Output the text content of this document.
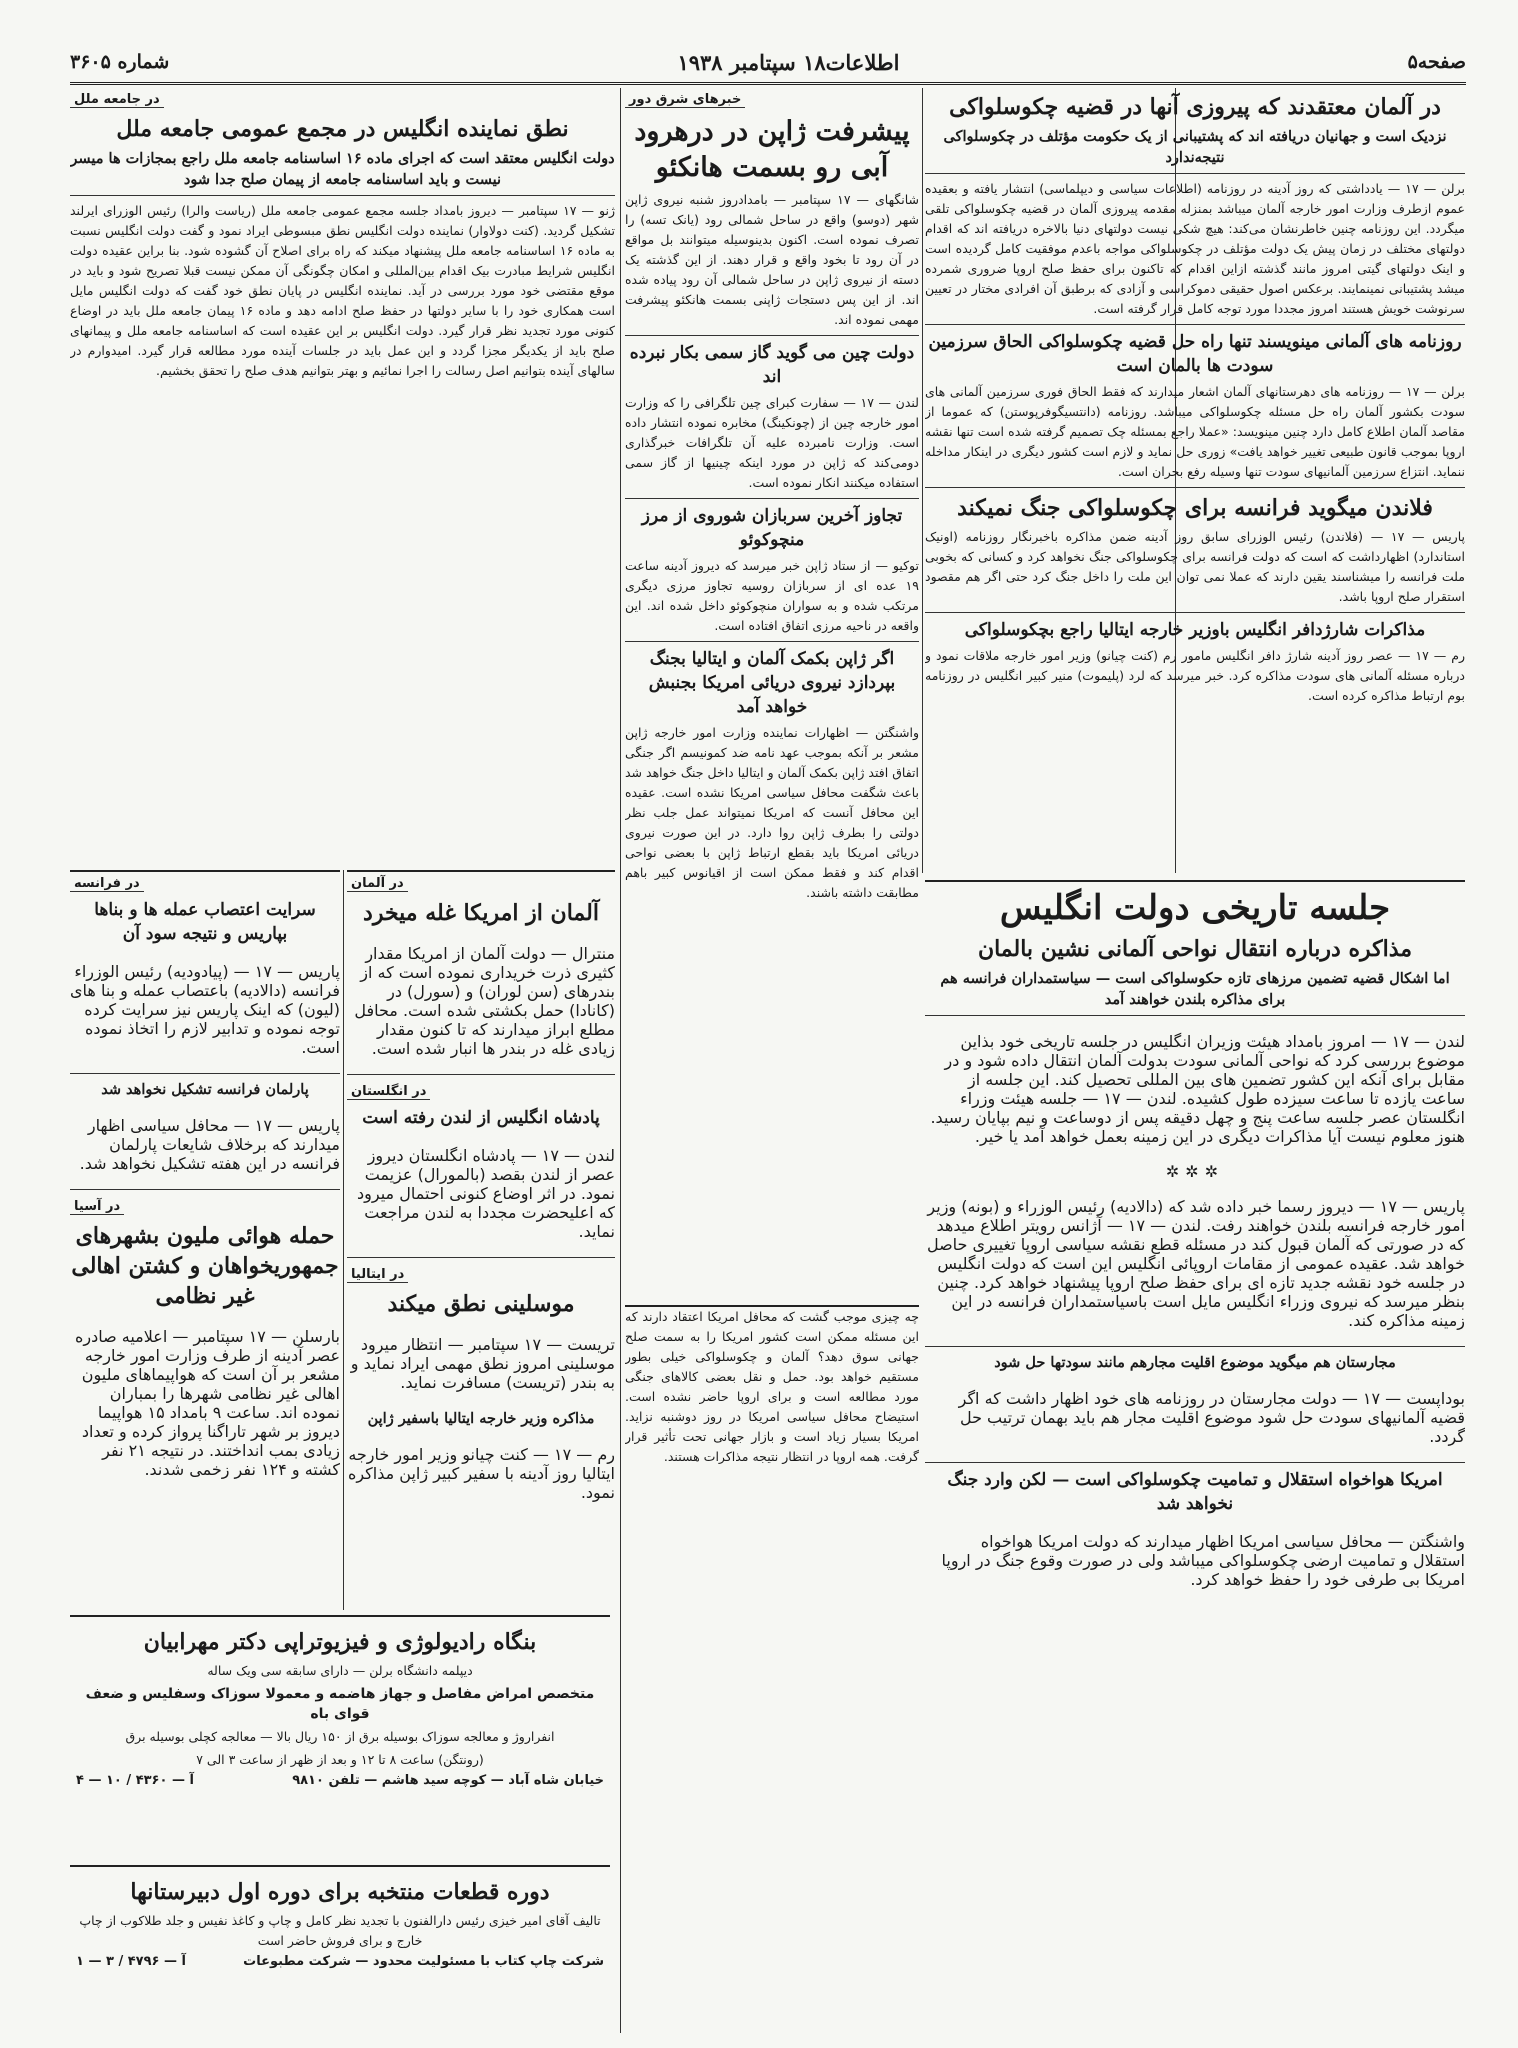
صفحه۵
اطلاعات۱۸ سپتامبر ۱۹۳۸
شماره ۳۶۰۵
در آلمان معتقدند که پیروزی آنها در قضیه چکوسلواکی
نزدیک است و جهانیان دریافته اند که پشتیبانی از یک حکومت مؤتلف در چکوسلواکی نتیجه‌ندارد

برلن — ۱۷ — یادداشتی که روز آدینه در روزنامه (اطلاعات سیاسی و دیپلماسی) انتشار یافته و بعقیده عموم ازطرف وزارت امور خارجه آلمان میباشد بمنزله مقدمه پیروزی آلمان در قضیه چکوسلواکی تلقی میگردد. این روزنامه چنین خاطرنشان می‌کند: هیچ شکی نیست دولتهای دنیا بالاخره دریافته اند که اقدام دولتهای مختلف در زمان پیش یک دولت مؤتلف در چکوسلواکی مواجه باعدم موفقیت کامل گردیده است و اینک دولتهای گیتی امروز مانند گذشته ازاین اقدام که تاکنون برای حفظ صلح اروپا ضروری شمرده میشد پشتیبانی نمینمایند. برعکس اصول حقیقی دموکراسی و آزادی که برطبق آن افرادی مختار در تعیین سرنوشت خویش هستند امروز مجددا مورد توجه کامل قرار گرفته است.

روزنامه های آلمانی مینویسند تنها راه حل قضیه چکوسلواکی الحاق سرزمین سودت ها بالمان است

برلن — ۱۷ — روزنامه های دهرستانهای آلمان اشعار میدارند که فقط الحاق فوری سرزمین آلمانی های سودت بکشور آلمان راه حل مسئله چکوسلواکی میباشد. روزنامه (دانتسیگوفرپوستن) که عموما از مقاصد آلمان اطلاع کامل دارد چنین مینویسد: «عملا راجع بمسئله چک تصمیم گرفته شده است تنها نقشه اروپا بموجب قانون طبیعی تغییر خواهد یافت» زوری حل نماید و لازم است کشور دیگری در اینکار مداخله ننماید. انتزاع سرزمین آلمانیهای سودت تنها وسیله رفع بحران است.

فلاندن میگوید فرانسه برای چکوسلواکی جنگ نمیکند

پاریس — ۱۷ — (فلاندن) رئیس الوزرای سابق روز آدینه ضمن مذاکره باخبرنگار روزنامه (اونیک استاندارد) اظهارداشت که است که دولت فرانسه برای چکوسلواکی جنگ نخواهد کرد و کسانی که بخوبی ملت فرانسه را میشناسند یقین دارند که عملا نمی توان این ملت را داخل جنگ کرد حتی اگر هم مقصود استقرار صلح اروپا باشد.

مذاکرات شارژدافر انگلیس باوزیر خارجه ایتالیا راجع بچکوسلواکی

رم — ۱۷ — عصر روز آدینه شارژ دافر انگلیس مامور رم (کنت چیانو) وزیر امور خارجه ملاقات نمود و درباره مسئله آلمانی های سودت مذاکره کرد. خبر میرسد که لرد (پلیموت) منیر کبیر انگلیس در روزنامه بوم ارتباط مذاکره کرده است.

خبرهای شرق دور
پیشرفت ژاپن در درهرود آبی رو بسمت هانکئو

شانگهای — ۱۷ سپتامبر — بامدادروز شنبه نیروی ژاپن شهر (دوسو) واقع در ساحل شمالی رود (یانک تسه) را تصرف نموده است. اکنون بدینوسیله میتوانند بل مواقع در آن رود تا بخود واقع و قرار دهند. از این گذشته یک دسته از نیروی ژاپن در ساحل شمالی آن رود پیاده شده اند. از این پس دستجات ژاپنی بسمت هانکئو پیشرفت مهمی نموده اند.

دولت چین می گوید گاز سمی بکار نبرده اند

لندن — ۱۷ — سفارت کبرای چین تلگرافی را که وزارت امور خارجه چین از (چونکینگ) مخابره نموده انتشار داده است. وزارت نامبرده علیه آن تلگرافات خبرگذاری دومی‌کند که ژاپن در مورد اینکه چینیها از گاز سمی استفاده میکنند انکار نموده است.

تجاوز آخرین سربازان شوروی از مرز منچوکوئو

توکیو — از ستاد ژاپن خبر میرسد که دیروز آدینه ساعت ۱۹ عده ای از سربازان روسیه تجاوز مرزی دیگری مرتکب شده و به سواران منچوکوئو داخل شده اند. این واقعه در ناحیه مرزی اتفاق افتاده است.

اگر ژاپن بکمک آلمان و ایتالیا بجنگ بپردازد نیروی دریائی امریکا بجنبش خواهد آمد

واشنگتن — اظهارات نماینده وزارت امور خارجه ژاپن مشعر بر آنکه بموجب عهد نامه ضد کمونیسم اگر جنگی اتفاق افتد ژاپن بکمک آلمان و ایتالیا داخل جنگ خواهد شد باعث شگفت محافل سیاسی امریکا نشده است. عقیده این محافل آنست که امریکا نمیتواند عمل جلب نظر دولتی را بطرف ژاپن روا دارد. در این صورت نیروی دریائی امریکا باید بقطع ارتباط ژاپن با بعضی نواحی اقدام کند و فقط ممکن است از اقیانوس کبیر باهم مطابقت داشته باشند.

چه چیزی موجب گشت که محافل امریکا اعتقاد دارند که این مسئله ممکن است کشور امریکا را به سمت صلح جهانی سوق دهد؟ آلمان و چکوسلواکی خیلی بطور مستقیم خواهد بود. حمل و نقل بعضی کالاهای جنگی مورد مطالعه است و برای اروپا حاضر نشده است. استیضاح محافل سیاسی امریکا در روز دوشنبه نزاید. امریکا بسیار زیاد است و بازار جهانی تحت تأثیر قرار گرفت. همه اروپا در انتظار نتیجه مذاکرات هستند.

جلسه تاریخی دولت انگلیس
مذاکره درباره انتقال نواحی آلمانی نشین بالمان
اما اشکال قضیه تضمین مرزهای تازه حکوسلواکی است — سیاستمداران فرانسه هم برای مذاکره بلندن خواهند آمد

لندن — ۱۷ — امروز بامداد هیئت وزیران انگلیس در جلسه تاریخی خود بذاین موضوع بررسی کرد که نواحی آلمانی سودت بدولت آلمان انتقال داده شود و در مقابل برای آنکه این کشور تضمین های بین المللی تحصیل کند. این جلسه از ساعت یازده تا ساعت سیزده طول کشیده. لندن — ۱۷ — جلسه هیئت وزراء انگلستان عصر جلسه ساعت پنج و چهل دقیقه پس از دوساعت و نیم بپایان رسید. هنوز معلوم نیست آیا مذاکرات دیگری در این زمینه بعمل خواهد آمد یا خیر.

✲✲✲

پاریس — ۱۷ — دیروز رسما خبر داده شد که (دالادیه) رئیس الوزراء و (بونه) وزیر امور خارجه فرانسه بلندن خواهند رفت. لندن — ۱۷ — آژانس رویتر اطلاع میدهد که در صورتی که آلمان قبول کند در مسئله قطع نقشه سیاسی اروپا تغییری حاصل خواهد شد. عقیده عمومی از مقامات اروپائی انگلیس این است که دولت انگلیس در جلسه خود نقشه جدید تازه ای برای حفظ صلح اروپا پیشنهاد خواهد کرد. چنین بنظر میرسد که نیروی وزراء انگلیس مایل است باسیاستمداران فرانسه در این زمینه مذاکره کند.

مجارستان هم میگوید موضوع اقلیت مجارهم مانند سودتها حل شود

بوداپست — ۱۷ — دولت مجارستان در روزنامه های خود اظهار داشت که اگر قضیه آلمانیهای سودت حل شود موضوع اقلیت مجار هم باید بهمان ترتیب حل گردد.

امریکا هواخواه استقلال و تمامیت چکوسلواکی است — لکن وارد جنگ نخواهد شد

واشنگتن — محافل سیاسی امریکا اظهار میدارند که دولت امریکا هواخواه استقلال و تمامیت ارضی چکوسلواکی میباشد ولی در صورت وقوع جنگ در اروپا امریکا بی طرفی خود را حفظ خواهد کرد.

در جامعه ملل
نطق نماینده انگلیس در مجمع عمومی جامعه ملل
دولت انگلیس معتقد است که اجرای ماده ۱۶ اساسنامه جامعه ملل راجع بمجازات ها میسر نیست و باید اساسنامه جامعه از پیمان صلح جدا شود

ژنو — ۱۷ سپتامبر — دیروز بامداد جلسه مجمع عمومی جامعه ملل (ریاست والرا) رئیس الوزرای ایرلند تشکیل گردید. (کنت دولاوار) نماینده دولت انگلیس نطق مبسوطی ایراد نمود و گفت دولت انگلیس نسبت به ماده ۱۶ اساسنامه جامعه ملل پیشنهاد میکند که راه برای اصلاح آن گشوده شود. بنا براین عقیده دولت انگلیس شرایط مبادرت بیک اقدام بین‌المللی و امکان چگونگی آن ممکن نیست قبلا تصریح شود و باید در موقع مقتضی خود مورد بررسی در آید. نماینده انگلیس در پایان نطق خود گفت که دولت انگلیس مایل است همکاری خود را با سایر دولتها در حفظ صلح ادامه دهد و ماده ۱۶ پیمان جامعه ملل باید در اوضاع کنونی مورد تجدید نظر قرار گیرد. دولت انگلیس بر این عقیده است که اساسنامه جامعه ملل و پیمانهای صلح باید از یکدیگر مجزا گردد و این عمل باید در جلسات آینده مورد مطالعه قرار گیرد. امیدوارم در سالهای آینده بتوانیم اصل رسالت را اجرا نمائیم و بهتر بتوانیم هدف صلح را تحقق بخشیم.

در فرانسه
سرایت اعتصاب عمله ها و بناها بپاریس و نتیجه سود آن

پاریس — ۱۷ — (پیادودیه) رئیس الوزراء فرانسه (دالادیه) باعتصاب عمله و بنا های (لیون) که اینک پاریس نیز سرایت کرده توجه نموده و تدابیر لازم را اتخاذ نموده است.

پارلمان فرانسه تشکیل نخواهد شد

پاریس — ۱۷ — محافل سیاسی اظهار میدارند که برخلاف شایعات پارلمان فرانسه در این هفته تشکیل نخواهد شد.

در آسیا
حمله هوائی ملیون بشهرهای جمهوریخواهان و کشتن اهالی غیر نظامی

بارسلن — ۱۷ سپتامبر — اعلامیه صادره عصر آدینه از طرف وزارت امور خارجه مشعر بر آن است که هواپیماهای ملیون اهالی غیر نظامی شهرها را بمباران نموده اند. ساعت ۹ بامداد ۱۵ هواپیما دیروز بر شهر تاراگنا پرواز کرده و تعداد زیادی بمب انداختند. در نتیجه ۲۱ نفر کشته و ۱۲۴ نفر زخمی شدند.

در آلمان
آلمان از امریکا غله میخرد

منترال — دولت آلمان از امریکا مقدار کثیری ذرت خریداری نموده است که از بندرهای (سن لوران) و (سورل) در (کانادا) حمل بکشتی شده است. محافل مطلع ابراز میدارند که تا کنون مقدار زیادی غله در بندر ها انبار شده است.

در انگلستان
پادشاه انگلیس از لندن رفته است

لندن — ۱۷ — پادشاه انگلستان دیروز عصر از لندن بقصد (بالمورال) عزیمت نمود. در اثر اوضاع کنونی احتمال میرود که اعلیحضرت مجددا به لندن مراجعت نماید.

در ایتالیا
موسلینی نطق میکند

تریست — ۱۷ سپتامبر — انتظار میرود موسلینی امروز نطق مهمی ایراد نماید و به بندر (تریست) مسافرت نماید.

مذاکره وزیر خارجه ایتالیا باسفیر ژاپن

رم — ۱۷ — کنت چیانو وزیر امور خارجه ایتالیا روز آدینه با سفیر کبیر ژاپن مذاکره نمود.

بنگاه رادیولوژی و فیزیوتراپی دکتر مهرابیان

دیپلمه دانشگاه برلن — دارای سابقه سی ویک ساله

متخصص امراض مفاصل و جهاز هاضمه و معمولا سوزاک وسفلیس و ضعف قوای باه

انفراروژ و معالجه سوزاک بوسیله برق از ۱۵۰ ریال بالا — معالجه کچلی بوسیله برق

(رونتگن) ساعت ۸ تا ۱۲ و بعد از ظهر از ساعت ۳ الی ۷

خیابان شاه آباد — کوچه سید هاشم — تلفن ۹۸۱۰
آ — ۴۳۶۰ / ۱۰ — ۴
دوره قطعات منتخبه برای دوره اول دبیرستانها

تالیف آقای امیر خیزی رئیس دارالفنون با تجدید نظر کامل و چاپ و کاغذ نفیس و جلد طلاکوب از چاپ خارج و برای فروش حاضر است

شرکت چاپ کتاب با مسئولیت محدود — شرکت مطبوعات
آ — ۴۷۹۶ / ۳ — ۱
